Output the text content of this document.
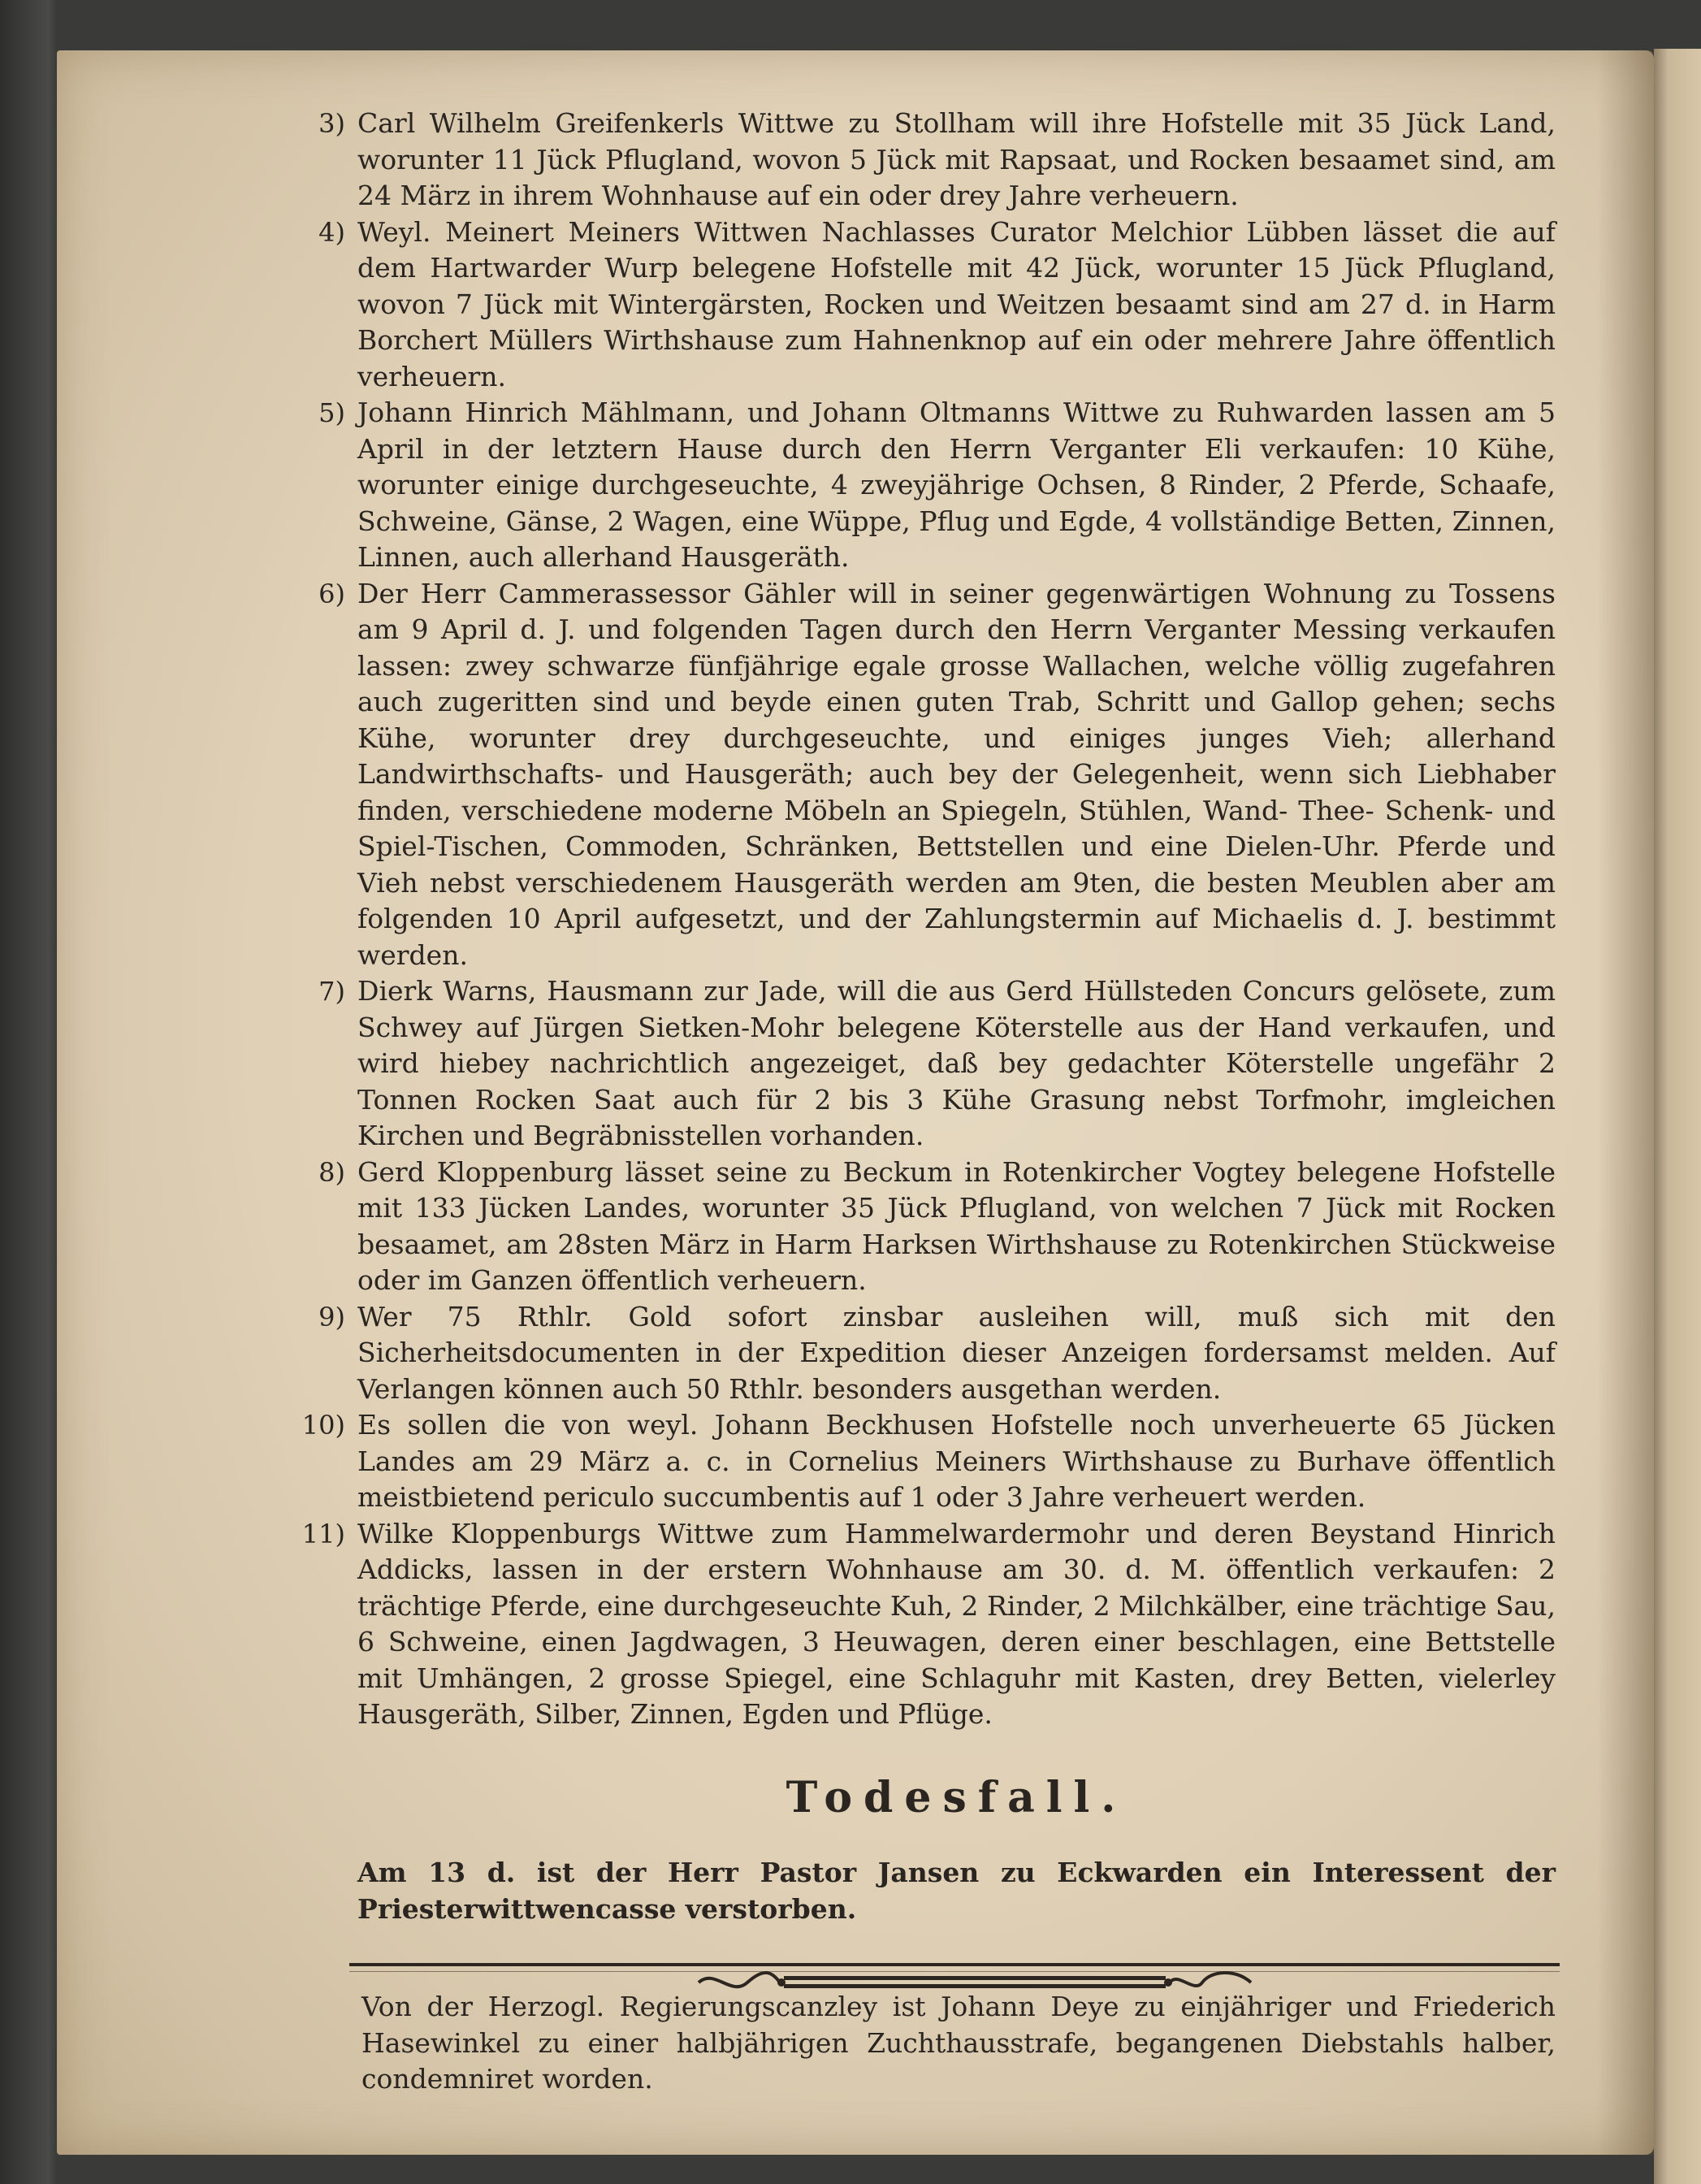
3) Carl Wilhelm Greifenkerls Wittwe zu Stollham will ihre Hofstelle mit 35 Jück Land, worunter 11 Jück Pflugland, wovon 5 Jück mit Rapsaat, und Rocken besaamet sind, am 24 März in ihrem Wohnhause auf ein oder drey Jahre verheuern.
4) Weyl. Meinert Meiners Wittwen Nachlasses Curator Melchior Lübben lässet die auf dem Hartwarder Wurp belegene Hofstelle mit 42 Jück, worunter 15 Jück Pflugland, wovon 7 Jück mit Wintergärsten, Rocken und Weitzen besaamt sind am 27 d. in Harm Borchert Müllers Wirthshause zum Hahnenknop auf ein oder mehrere Jahre öffentlich verheuern.
5) Johann Hinrich Mählmann, und Johann Oltmanns Wittwe zu Ruhwarden lassen am 5 April in der letztern Hause durch den Herrn Verganter Eli verkaufen: 10 Kühe, worunter einige durchgeseuchte, 4 zweyjährige Ochsen, 8 Rinder, 2 Pferde, Schaafe, Schweine, Gänse, 2 Wagen, eine Wüppe, Pflug und Egde, 4 vollständige Betten, Zinnen, Linnen, auch allerhand Hausgeräth.
6) Der Herr Cammerassessor Gähler will in seiner gegenwärtigen Wohnung zu Tossens am 9 April d. J. und folgenden Tagen durch den Herrn Verganter Messing verkaufen lassen: zwey schwarze fünfjährige egale grosse Wallachen, welche völlig zugefahren auch zugeritten sind und beyde einen guten Trab, Schritt und Gallop gehen; sechs Kühe, worunter drey durchgeseuchte, und einiges junges Vieh; allerhand Landwirthschafts- und Hausgeräth; auch bey der Gelegenheit, wenn sich Liebhaber finden, verschiedene moderne Möbeln an Spiegeln, Stühlen, Wand- Thee- Schenk- und Spiel-Tischen, Commoden, Schränken, Bettstellen und eine Dielen-Uhr. Pferde und Vieh nebst verschiedenem Hausgeräth werden am 9ten, die besten Meublen aber am folgenden 10 April aufgesetzt, und der Zahlungstermin auf Michaelis d. J. bestimmt werden.
7) Dierk Warns, Hausmann zur Jade, will die aus Gerd Hüllsteden Concurs gelösete, zum Schwey auf Jürgen Sietken-Mohr belegene Köterstelle aus der Hand verkaufen, und wird hiebey nachrichtlich angezeiget, daß bey gedachter Köterstelle ungefähr 2 Tonnen Rocken Saat auch für 2 bis 3 Kühe Grasung nebst Torfmohr, imgleichen Kirchen und Begräbnisstellen vorhanden.
8) Gerd Kloppenburg lässet seine zu Beckum in Rotenkircher Vogtey belegene Hofstelle mit 133 Jücken Landes, worunter 35 Jück Pflugland, von welchen 7 Jück mit Rocken besaamet, am 28sten März in Harm Harksen Wirthshause zu Rotenkirchen Stückweise oder im Ganzen öffentlich verheuern.
9) Wer 75 Rthlr. Gold sofort zinsbar ausleihen will, muß sich mit den Sicherheitsdocumenten in der Expedition dieser Anzeigen fordersamst melden. Auf Verlangen können auch 50 Rthlr. besonders ausgethan werden.
10) Es sollen die von weyl. Johann Beckhusen Hofstelle noch unverheuerte 65 Jücken Landes am 29 März a. c. in Cornelius Meiners Wirthshause zu Burhave öffentlich meistbietend periculo succumbentis auf 1 oder 3 Jahre verheuert werden.
11) Wilke Kloppenburgs Wittwe zum Hammelwardermohr und deren Beystand Hinrich Addicks, lassen in der erstern Wohnhause am 30. d. M. öffentlich verkaufen: 2 trächtige Pferde, eine durchgeseuchte Kuh, 2 Rinder, 2 Milchkälber, eine trächtige Sau, 6 Schweine, einen Jagdwagen, 3 Heuwagen, deren einer beschlagen, eine Bettstelle mit Umhängen, 2 grosse Spiegel, eine Schlaguhr mit Kasten, drey Betten, vielerley Hausgeräth, Silber, Zinnen, Egden und Pflüge.
Todesfall.
Am 13 d. ist der Herr Pastor Jansen zu Eckwarden ein Interessent der Priesterwittwencasse verstorben.
Von der Herzogl. Regierungscanzley ist Johann Deye zu einjähriger und Friederich Hasewinkel zu einer halbjährigen Zuchthausstrafe, begangenen Diebstahls halber, condemniret worden.
